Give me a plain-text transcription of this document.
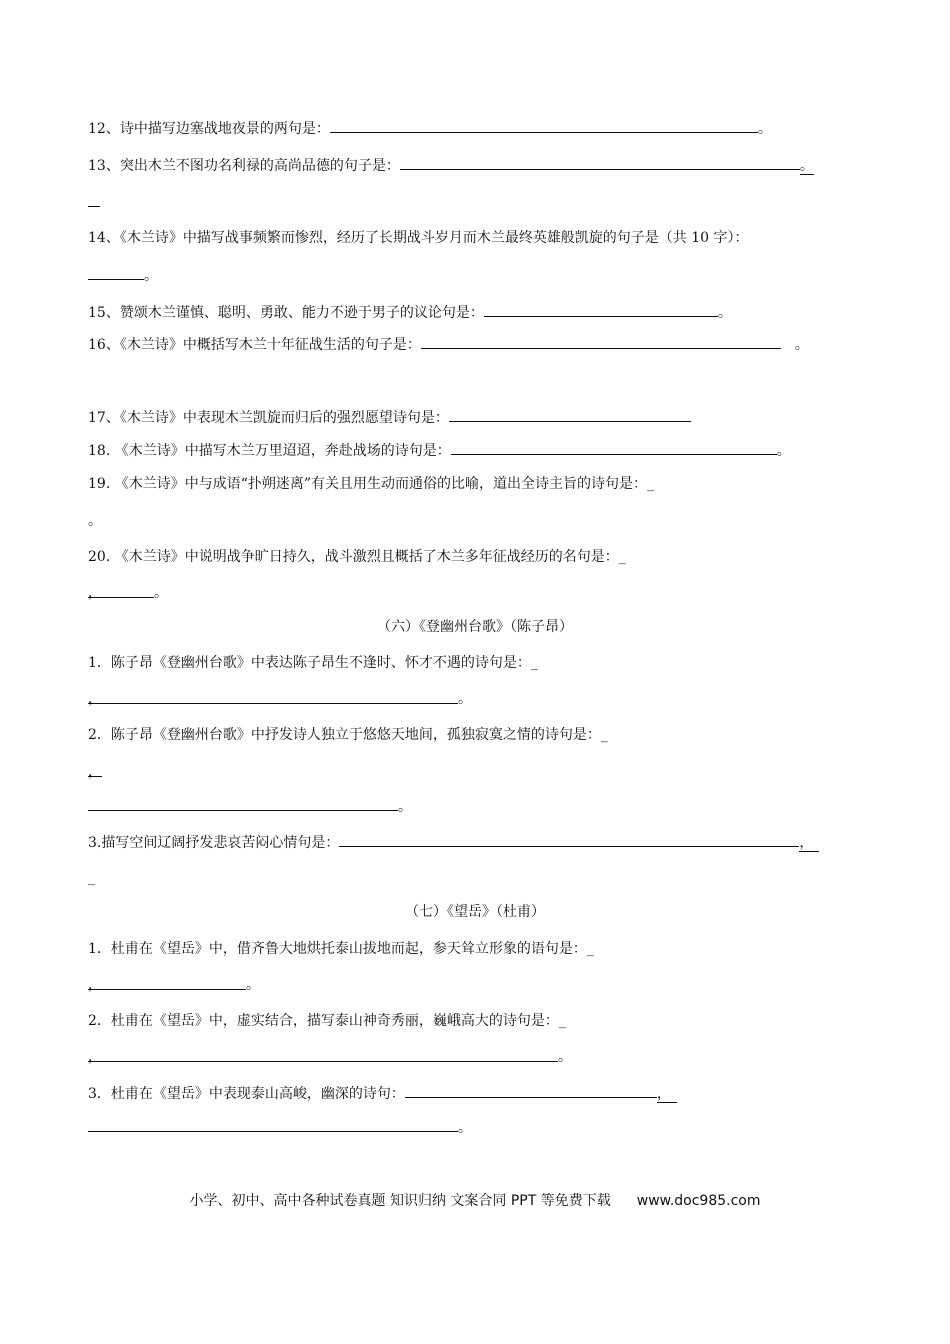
12、诗中描写边塞战地夜景的两句是：	。
13、突出木兰不图功名利禄的高尚品德的句子是：	。
14、《木兰诗》中描写战事频繁而惨烈，经历了长期战斗岁月而木兰最终英雄般凯旋的句子是（共 10 字）：
。
15、赞颂木兰谨慎、聪明、勇敢、能力不逊于男子的议论句是：	。
16、《木兰诗》中概括写木兰十年征战生活的句子是：	。
17、《木兰诗》中表现木兰凯旋而归后的强烈愿望诗句是：
18. 《木兰诗》中描写木兰万里迢迢，奔赴战场的诗句是：	。
19. 《木兰诗》中与成语“扑朔迷离”有关且用生动而通俗的比喻，道出全诗主旨的诗句是：_
。
20. 《木兰诗》中说明战争旷日持久，战斗激烈且概括了木兰多年征战经历的名句是：_
，	。
（六）《登幽州台歌》（陈子昂）
1．陈子昂《登幽州台歌》中表达陈子昂生不逢时、怀才不遇的诗句是：_
，	。
2．陈子昂《登幽州台歌》中抒发诗人独立于悠悠天地间，孤独寂寞之情的诗句是：_
，
。
3.描写空间辽阔抒发悲哀苦闷心情句是：	，
_
（七）《望岳》（杜甫）
1．杜甫在《望岳》中，借齐鲁大地烘托泰山拔地而起，参天耸立形象的语句是：_
，	。
2．杜甫在《望岳》中，虚实结合，描写泰山神奇秀丽，巍峨高大的诗句是：_
，	。
3．杜甫在《望岳》中表现泰山高峻，幽深的诗句：	，
。
小学、初中、高中各种试卷真题 知识归纳 文案合同 PPT 等免费下载 www.doc985.com
